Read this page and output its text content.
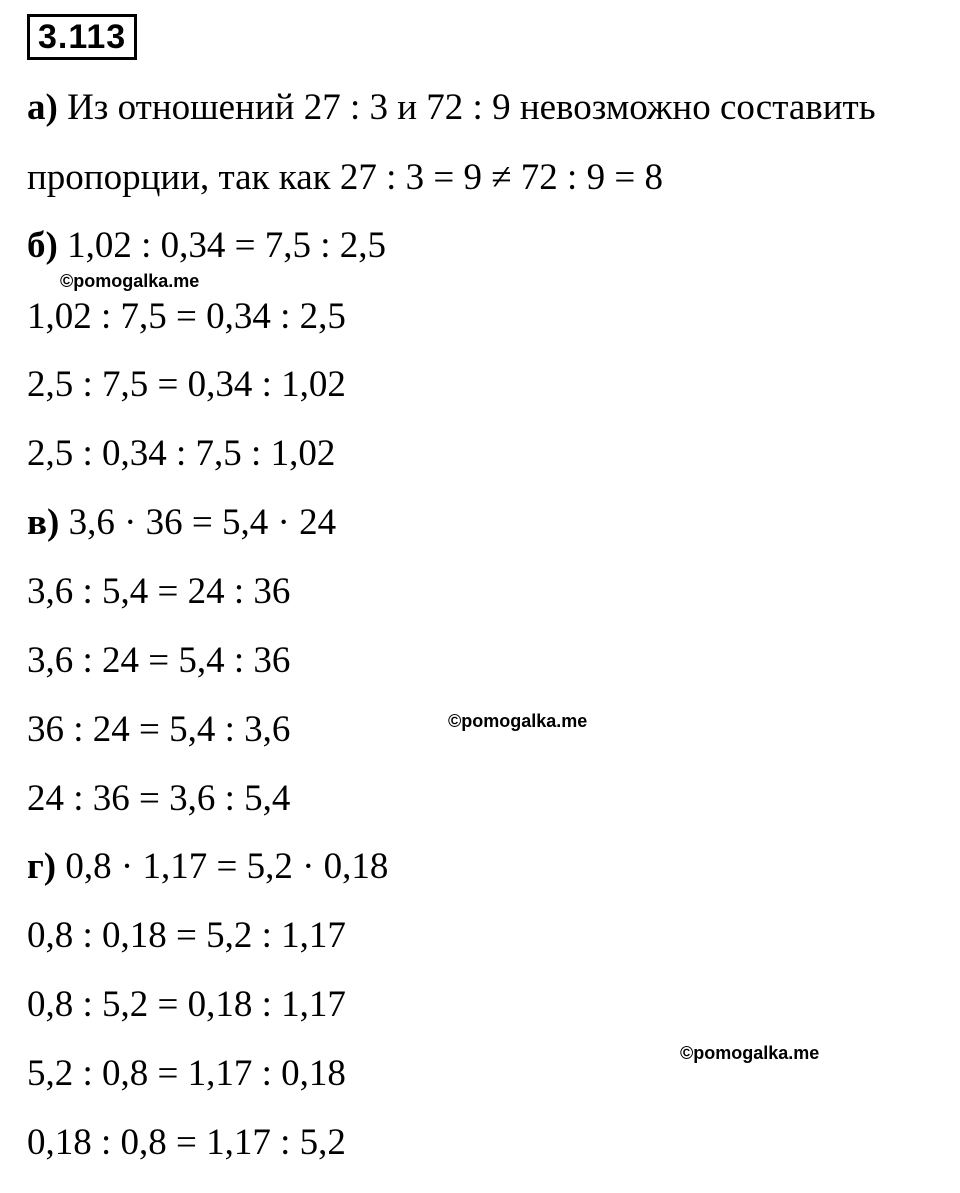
3.113
а) Из отношений 27 : 3 и 72 : 9 невозможно составить
пропорции, так как 27 : 3 = 9 ≠ 72 : 9 = 8
б) 1,02 : 0,34 = 7,5 : 2,5
©pomogalka.me
1,02 : 7,5 = 0,34 : 2,5
2,5 : 7,5 = 0,34 : 1,02
2,5 : 0,34 : 7,5 : 1,02
в) 3,6 · 36 = 5,4 · 24
3,6 : 5,4 = 24 : 36
3,6 : 24 = 5,4 : 36
36 : 24 = 5,4 : 3,6	©pomogalka.me
24 : 36 = 3,6 : 5,4
г) 0,8 · 1,17 = 5,2 · 0,18
0,8 : 0,18 = 5,2 : 1,17
0,8 : 5,2 = 0,18 : 1,17
©pomogalka.me
5,2 : 0,8 = 1,17 : 0,18
0,18 : 0,8 = 1,17 : 5,2
